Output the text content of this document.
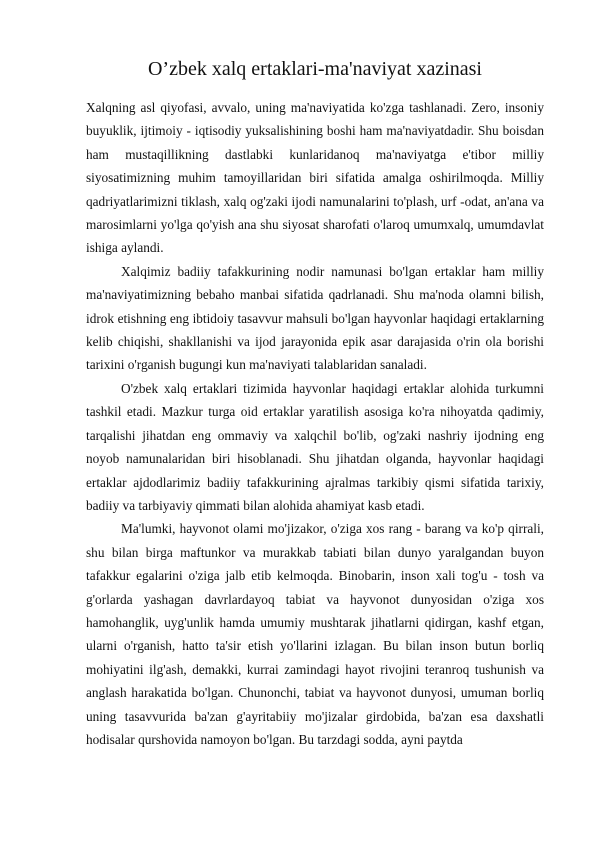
O’zbek xalq ertaklari-ma'naviyat xazinasi

Xalqning asl qiyofasi, avvalo, uning ma'naviyatida ko'zga tashlanadi. Zero, insoniy buyuklik, ijtimoiy - iqtisodiy yuksalishining boshi ham ma'naviyatdadir. Shu boisdan ham mustaqillikning dastlabki kunlaridanoq ma'naviyatga e'tibor milliy siyosatimizning muhim tamoyillaridan biri sifatida amalga oshirilmoqda. Milliy qadriyatlarimizni tiklash, xalq og'zaki ijodi namunalarini to'plash, urf -odat, an'ana va marosimlarni yo'lga qo'yish ana shu siyosat sharofati o'laroq umumxalq, umumdavlat ishiga aylandi.

Xalqimiz badiiy tafakkurining nodir namunasi bo'lgan ertaklar ham milliy ma'naviyatimizning bebaho manbai sifatida qadrlanadi. Shu ma'noda olamni bilish, idrok etishning eng ibtidoiy tasavvur mahsuli bo'lgan hayvonlar haqidagi ertaklarning kelib chiqishi, shakllanishi va ijod jarayonida epik asar darajasida o'rin ola borishi tarixini o'rganish bugungi kun ma'naviyati talablaridan sanaladi.

O'zbek xalq ertaklari tizimida hayvonlar haqidagi ertaklar alohida turkumni tashkil etadi. Mazkur turga oid ertaklar yaratilish asosiga ko'ra nihoyatda qadimiy, tarqalishi jihatdan eng ommaviy va xalqchil bo'lib, og'zaki nashriy ijodning eng noyob namunalaridan biri hisoblanadi. Shu jihatdan olganda, hayvonlar haqidagi ertaklar ajdodlarimiz badiiy tafakkurining ajralmas tarkibiy qismi sifatida tarixiy, badiiy va tarbiyaviy qimmati bilan alohida ahamiyat kasb etadi.

Ma'lumki, hayvonot olami mo'jizakor, o'ziga xos rang - barang va ko'p qirrali, shu bilan birga maftunkor va murakkab tabiati bilan dunyo yaralgandan buyon tafakkur egalarini o'ziga jalb etib kelmoqda. Binobarin, inson xali tog'u - tosh va g'orlarda yashagan davrlardayoq tabiat va hayvonot dunyosidan o'ziga xos hamohanglik, uyg'unlik hamda umumiy mushtarak jihatlarni qidirgan, kashf etgan, ularni o'rganish, hatto ta'sir etish yo'llarini izlagan. Bu bilan inson butun borliq mohiyatini ilg'ash, demakki, kurrai zamindagi hayot rivojini teranroq tushunish va anglash harakatida bo'lgan. Chunonchi, tabiat va hayvonot dunyosi, umuman borliq uning tasavvurida ba'zan g'ayritabiiy mo'jizalar girdobida, ba'zan esa daxshatli hodisalar qurshovida namoyon bo'lgan. Bu tarzdagi sodda, ayni paytda
